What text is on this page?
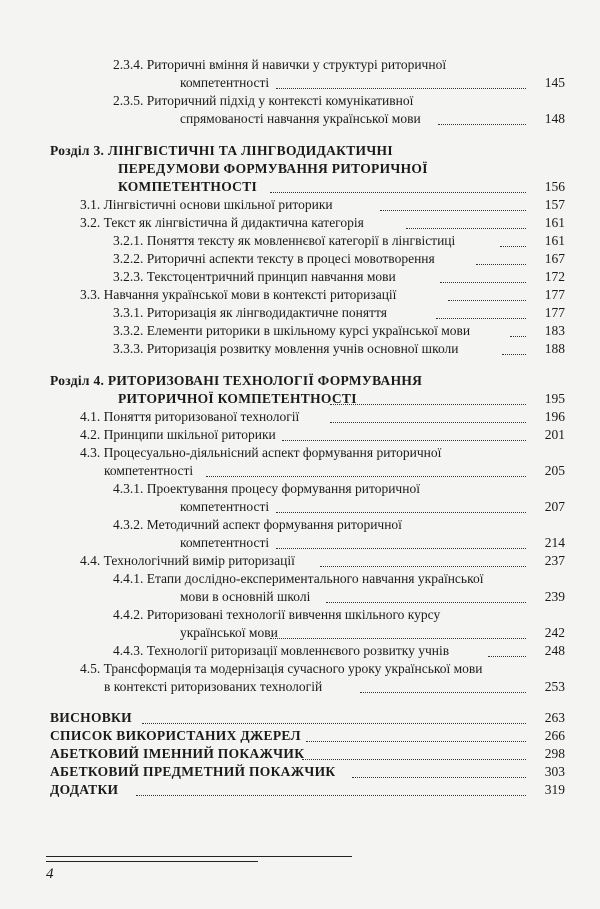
2.3.4. Риторичні вміння й навички у структурі риторичної
компетентності	145
2.3.5. Риторичний підхід у контексті комунікативної
спрямованості навчання української мови	148
Розділ 3. ЛІНГВІСТИЧНІ ТА ЛІНГВОДИДАКТИЧНІ
ПЕРЕДУМОВИ ФОРМУВАННЯ РИТОРИЧНОЇ
КОМПЕТЕНТНОСТІ	156
3.1. Лінгвістичні основи шкільної риторики	157
3.2. Текст як лінгвістична й дидактична категорія	161
3.2.1. Поняття тексту як мовленнєвої категорії в лінгвістиці	161
3.2.2. Риторичні аспекти тексту в процесі мовотворення	167
3.2.3. Текстоцентричний принцип навчання мови	172
3.3. Навчання української мови в контексті риторизації	177
3.3.1. Риторизація як лінгводидактичне поняття	177
3.3.2. Елементи риторики в шкільному курсі української мови	183
3.3.3. Риторизація розвитку мовлення учнів основної школи	188
Розділ 4. РИТОРИЗОВАНІ ТЕХНОЛОГІЇ ФОРМУВАННЯ
РИТОРИЧНОЇ КОМПЕТЕНТНОСТІ	195
4.1. Поняття риторизованої технології	196
4.2. Принципи шкільної риторики	201
4.3. Процесуально-діяльнісний аспект формування риторичної
компетентності	205
4.3.1. Проектування процесу формування риторичної
компетентності	207
4.3.2. Методичний аспект формування риторичної
компетентності	214
4.4. Технологічний вимір риторизації	237
4.4.1. Етапи дослідно-експериментального навчання української
мови в основній школі	239
4.4.2. Риторизовані технології вивчення шкільного курсу
української мови	242
4.4.3. Технології риторизації мовленнєвого розвитку учнів	248
4.5. Трансформація та модернізація сучасного уроку української мови
в контексті риторизованих технологій	253
ВИСНОВКИ	263
СПИСОК ВИКОРИСТАНИХ ДЖЕРЕЛ	266
АБЕТКОВИЙ ІМЕННИЙ ПОКАЖЧИК	298
АБЕТКОВИЙ ПРЕДМЕТНИЙ ПОКАЖЧИК	303
ДОДАТКИ	319
4
